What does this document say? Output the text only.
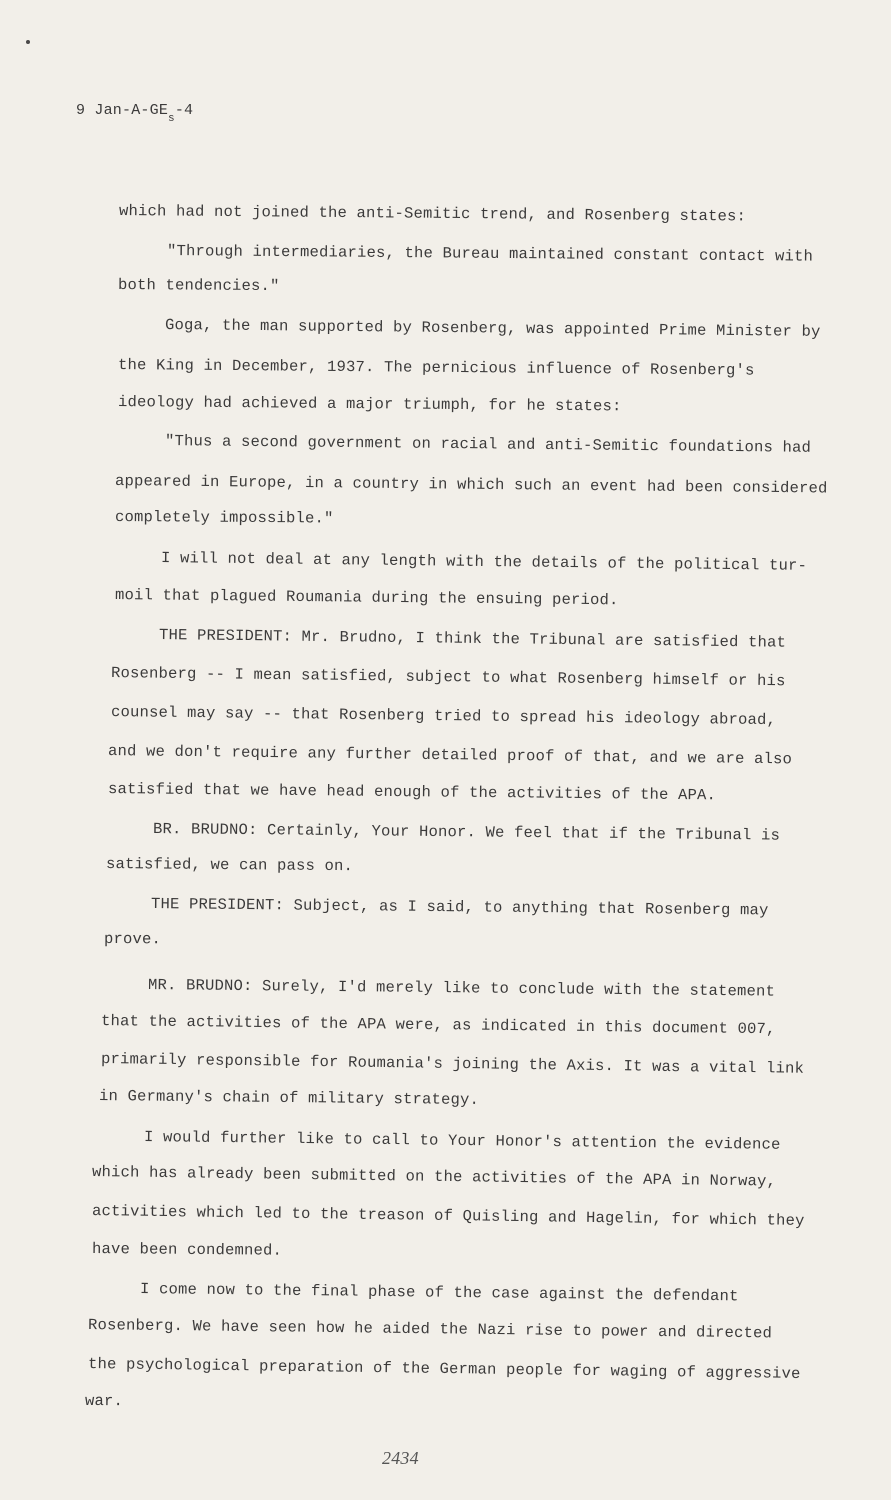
9 Jan-$A-GE_s-4$
which had not joined the anti-Semitic trend, and Rosenberg states:
"Through intermediaries, the Bureau maintained constant contact with
both tendencies."
Goga, the man supported by Rosenberg, was appointed Prime Minister by
the King in December, 1937. The pernicious influence of Rosenberg's
ideology had achieved a major triumph, for he states:
"Thus a second government on racial and anti-Semitic foundations had
appeared in Europe, in a country in which such an event had been considered
completely impossible."
I will not deal at any length with the details of the political tur-
moil that plagued Roumania during the ensuing period.
THE PRESIDENT: Mr. Brudno, I think the Tribunal are satisfied that
Rosenberg -- I mean satisfied, subject to what Rosenberg himself or his
counsel may say -- that Rosenberg tried to spread his ideology abroad,
and we don't require any further detailed proof of that, and we are also
satisfied that we have head enough of the activities of the APA.
BR. BRUDNO: Certainly, Your Honor. We feel that if the Tribunal is
satisfied, we can pass on.
THE PRESIDENT: Subject, as I said, to anything that Rosenberg may
prove.
MR. BRUDNO: Surely, I'd merely like to conclude with the statement
that the activities of the APA were, as indicated in this document 007,
primarily responsible for Roumania's joining the Axis. It was a vital link
in Germany's chain of military strategy.
I would further like to call to Your Honor's attention the evidence
which has already been submitted on the activities of the APA in Norway,
activities which led to the treason of Quisling and Hagelin, for which they
have been condemned.
I come now to the final phase of the case against the defendant
Rosenberg. We have seen how he aided the Nazi rise to power and directed
the psychological preparation of the German people for waging of aggressive
war.
2434
